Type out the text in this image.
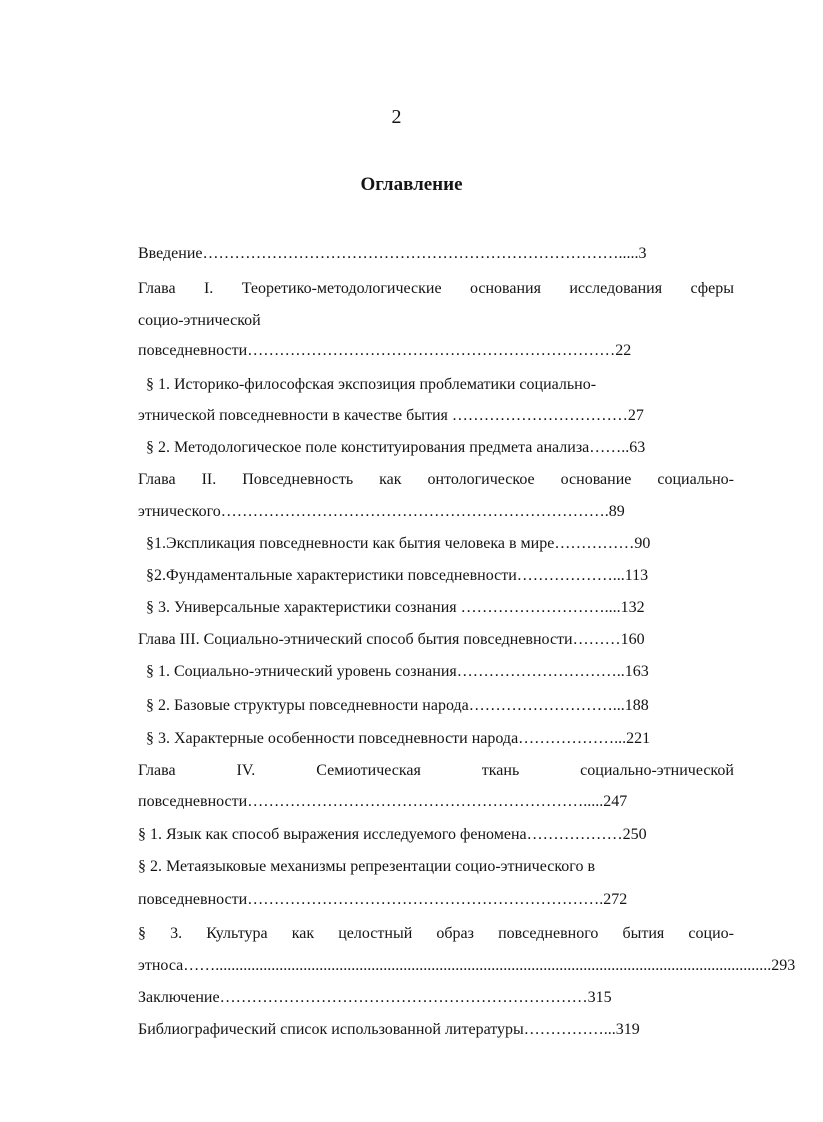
2
Оглавление
Введение…………………………………………………………………….....3
Глава I. Теоретико-методологические основания исследования сферы
социо-этнической
повседневности……………………………………………………………22
§ 1. Историко-философская экспозиция проблематики социально-
этнической повседневности в качестве бытия ……………………………27
§ 2. Методологическое поле конституирования предмета анализа……..63
Глава II. Повседневность как онтологическое основание социально-
этнического……………………………………………………………….89
§1.Экспликация повседневности как бытия человека в мире……………90
§2.Фундаментальные характеристики повседневности………………...113
§ 3. Универсальные характеристики сознания ………………………....132
Глава III. Социально-этнический способ бытия повседневности………160
§ 1. Социально-этнический уровень сознания…………………………..163
§ 2. Базовые структуры повседневности народа………………………...188
§ 3. Характерные особенности повседневности народа………………...221
Глава	IV.	Семиотическая	ткань	социально-этнической
повседневности……………………………………………………….....247
§ 1. Язык как способ выражения исследуемого феномена………………250
§ 2. Метаязыковые механизмы репрезентации социо-этнического в
повседневности………………………………………………………….272
§ 3. Культура как целостный образ повседневного бытия социо-
этноса…… ........................................................................................................................................... 293
Заключение……………………………………………………………315
Библиографический список использованной литературы……………...319
